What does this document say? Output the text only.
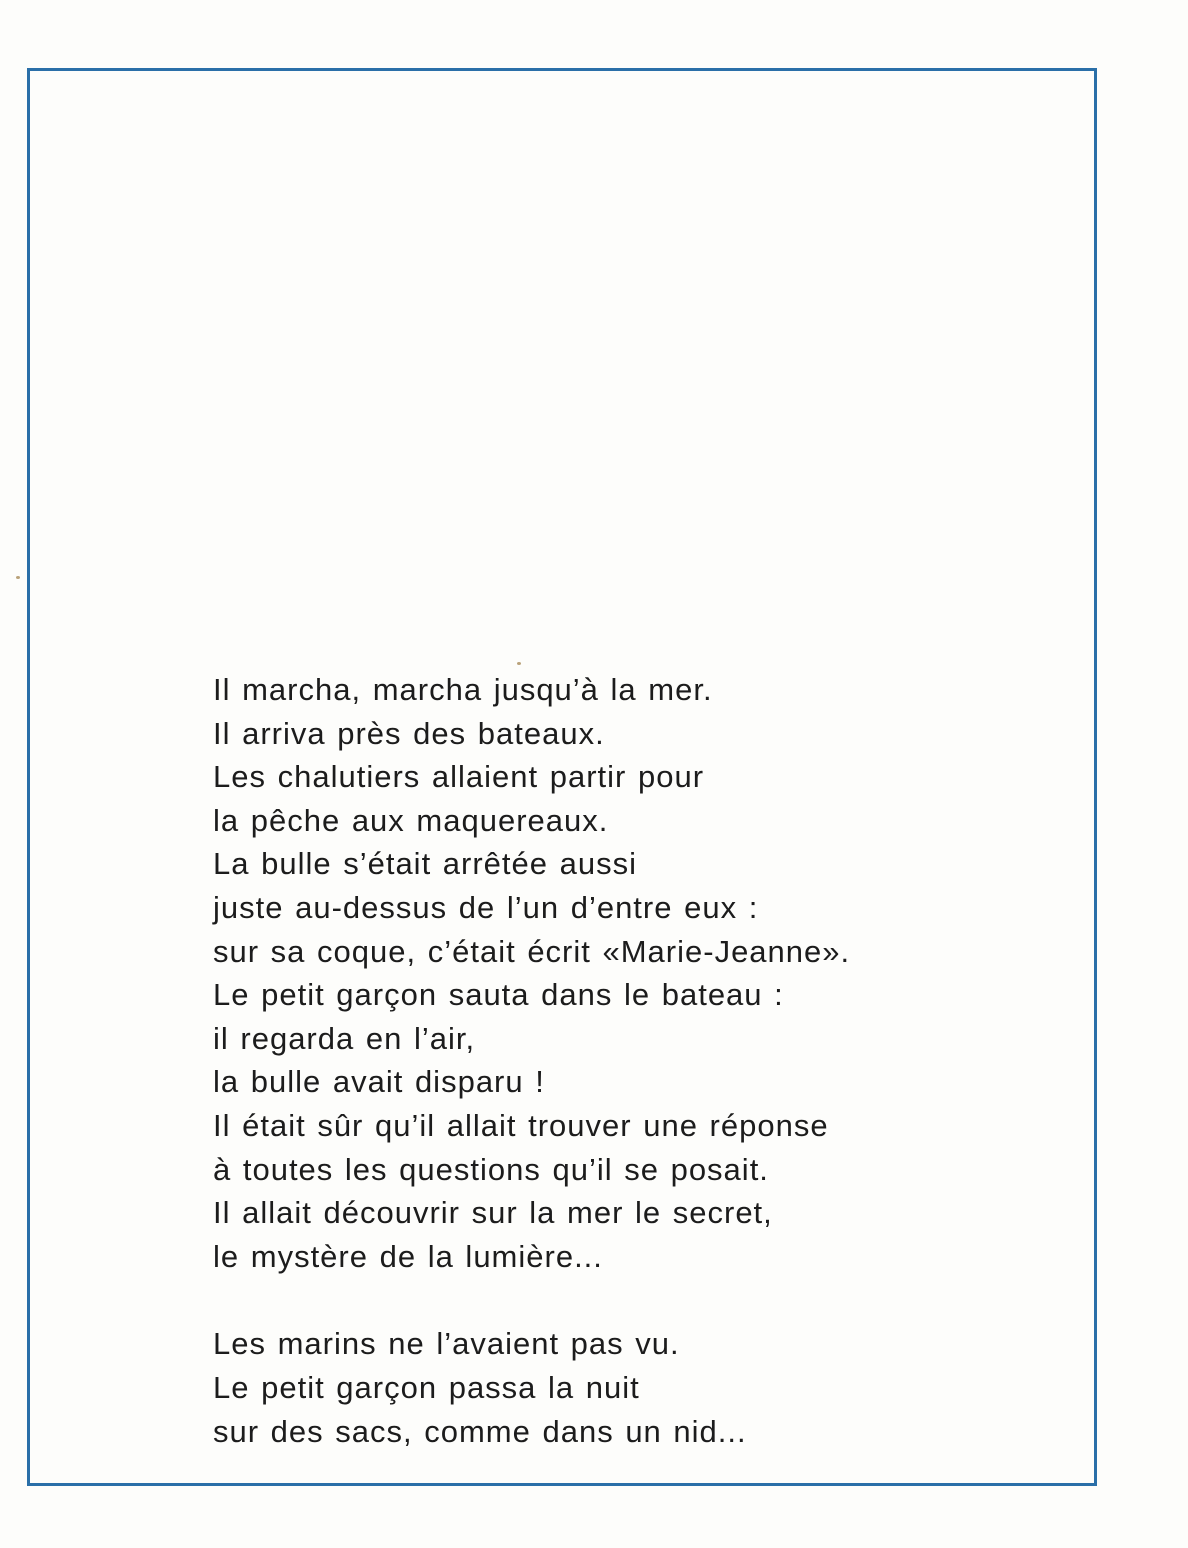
Il marcha, marcha jusqu’à la mer.
Il arriva près des bateaux.
Les chalutiers allaient partir pour
la pêche aux maquereaux.
La bulle s’était arrêtée aussi
juste au-dessus de l’un d’entre eux :
sur sa coque, c’était écrit «Marie-Jeanne».
Le petit garçon sauta dans le bateau :
il regarda en l’air,
la bulle avait disparu !
Il était sûr qu’il allait trouver une réponse
à toutes les questions qu’il se posait.
Il allait découvrir sur la mer le secret,
le mystère de la lumière...
Les marins ne l’avaient pas vu.
Le petit garçon passa la nuit
sur des sacs, comme dans un nid...
